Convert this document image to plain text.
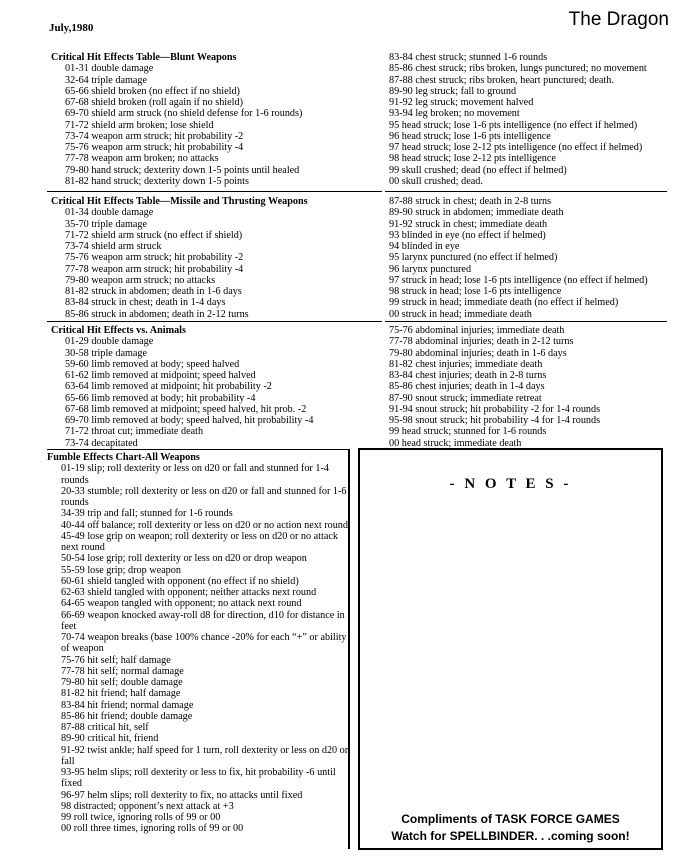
July,1980	The Dragon
Critical Hit Effects Table—Blunt Weapons
01-31 double damage
32-64 triple damage
65-66 shield broken (no effect if no shield)
67-68 shield broken (roll again if no shield)
69-70 shield arm struck (no shield defense for 1-6 rounds)
71-72 shield arm broken; lose shield
73-74 weapon arm struck; hit probability -2
75-76 weapon arm struck; hit probability -4
77-78 weapon arm broken; no attacks
79-80 hand struck; dexterity down 1-5 points until healed
81-82 hand struck; dexterity down 1-5 points
83-84 chest struck; stunned 1-6 rounds
85-86 chest struck; ribs broken, lungs punctured; no movement
87-88 chest struck; ribs broken, heart punctured; death.
89-90 leg struck; fall to ground
91-92 leg struck; movement halved
93-94 leg broken; no movement
95 head struck; lose 1-6 pts intelligence (no effect if helmed)
96 head struck; lose 1-6 pts intelligence
97 head struck; lose 2-12 pts intelligence (no effect if helmed)
98 head struck; lose 2-12 pts intelligence
99 skull crushed; dead (no effect if helmed)
00 skull crushed; dead.
Critical Hit Effects Table—Missile and Thrusting Weapons
01-34 double damage
35-70 triple damage
71-72 shield arm struck (no effect if shield)
73-74 shield arm struck
75-76 weapon arm struck; hit probability -2
77-78 weapon arm struck; hit probability -4
79-80 weapon arm struck; no attacks
81-82 struck in abdomen; death in 1-6 days
83-84 struck in chest; death in 1-4 days
85-86 struck in abdomen; death in 2-12 turns
87-88 struck in chest; death in 2-8 turns
89-90 struck in abdomen; immediate death
91-92 struck in chest; immediate death
93 blinded in eye (no effect if helmed)
94 blinded in eye
95 larynx punctured (no effect if helmed)
96 larynx punctured
97 struck in head; lose 1-6 pts intelligence (no effect if helmed)
98 struck in head; lose 1-6 pts intelligence
99 struck in head; immediate death (no effect if helmed)
00 struck in head; immediate death
Critical Hit Effects vs. Animals
01-29 double damage
30-58 triple damage
59-60 limb removed at body; speed halved
61-62 limb removed at midpoint; speed halved
63-64 limb removed at midpoint; hit probability -2
65-66 limb removed at body; hit probability -4
67-68 limb removed at midpoint; speed halved, hit prob. -2
69-70 limb removed at body; speed halved, hit probability -4
71-72 throat cut; immediate death
73-74 decapitated
75-76 abdominal injuries; immediate death
77-78 abdominal injuries; death in 2-12 turns
79-80 abdominal injuries; death in 1-6 days
81-82 chest injuries; immediate death
83-84 chest injuries; death in 2-8 turns
85-86 chest injuries; death in 1-4 days
87-90 snout struck; immediate retreat
91-94 snout struck; hit probability -2 for 1-4 rounds
95-98 snout struck; hit probability -4 for 1-4 rounds
99 head struck; stunned for 1-6 rounds
00 head struck; immediate death
Fumble Effects Chart-All Weapons
01-19 slip; roll dexterity or less on d20 or fall and stunned for 1-4 rounds
20-33 stumble; roll dexterity or less on d20 or fall and stunned for 1-6 rounds
34-39 trip and fall; stunned for 1-6 rounds
40-44 off balance; roll dexterity or less on d20 or no action next round
45-49 lose grip on weapon; roll dexterity or less on d20 or no attack next round
50-54 lose grip; roll dexterity or less on d20 or drop weapon
55-59 lose grip; drop weapon
60-61 shield tangled with opponent (no effect if no shield)
62-63 shield tangled with opponent; neither attacks next round
64-65 weapon tangled with opponent; no attack next round
66-69 weapon knocked away-roll d8 for direction, d10 for distance in feet
70-74 weapon breaks (base 100% chance -20% for each “+” or ability of weapon
75-76 hit self; half damage
77-78 hit self; normal damage
79-80 hit self; double damage
81-82 hit friend; half damage
83-84 hit friend; normal damage
85-86 hit friend; double damage
87-88 critical hit, self
89-90 critical hit, friend
91-92 twist ankle; half speed for 1 turn, roll dexterity or less on d20 or fall
93-95 helm slips; roll dexterity or less to fix, hit probability -6 until fixed
96-97 helm slips; roll dexterity to fix, no attacks until fixed
98 distracted; opponent’s next attack at +3
99 roll twice, ignoring rolls of 99 or 00
00 roll three times, ignoring rolls of 99 or 00
- N O T E S -
Compliments of TASK FORCE GAMES
Watch for SPELLBINDER. . .coming soon!
